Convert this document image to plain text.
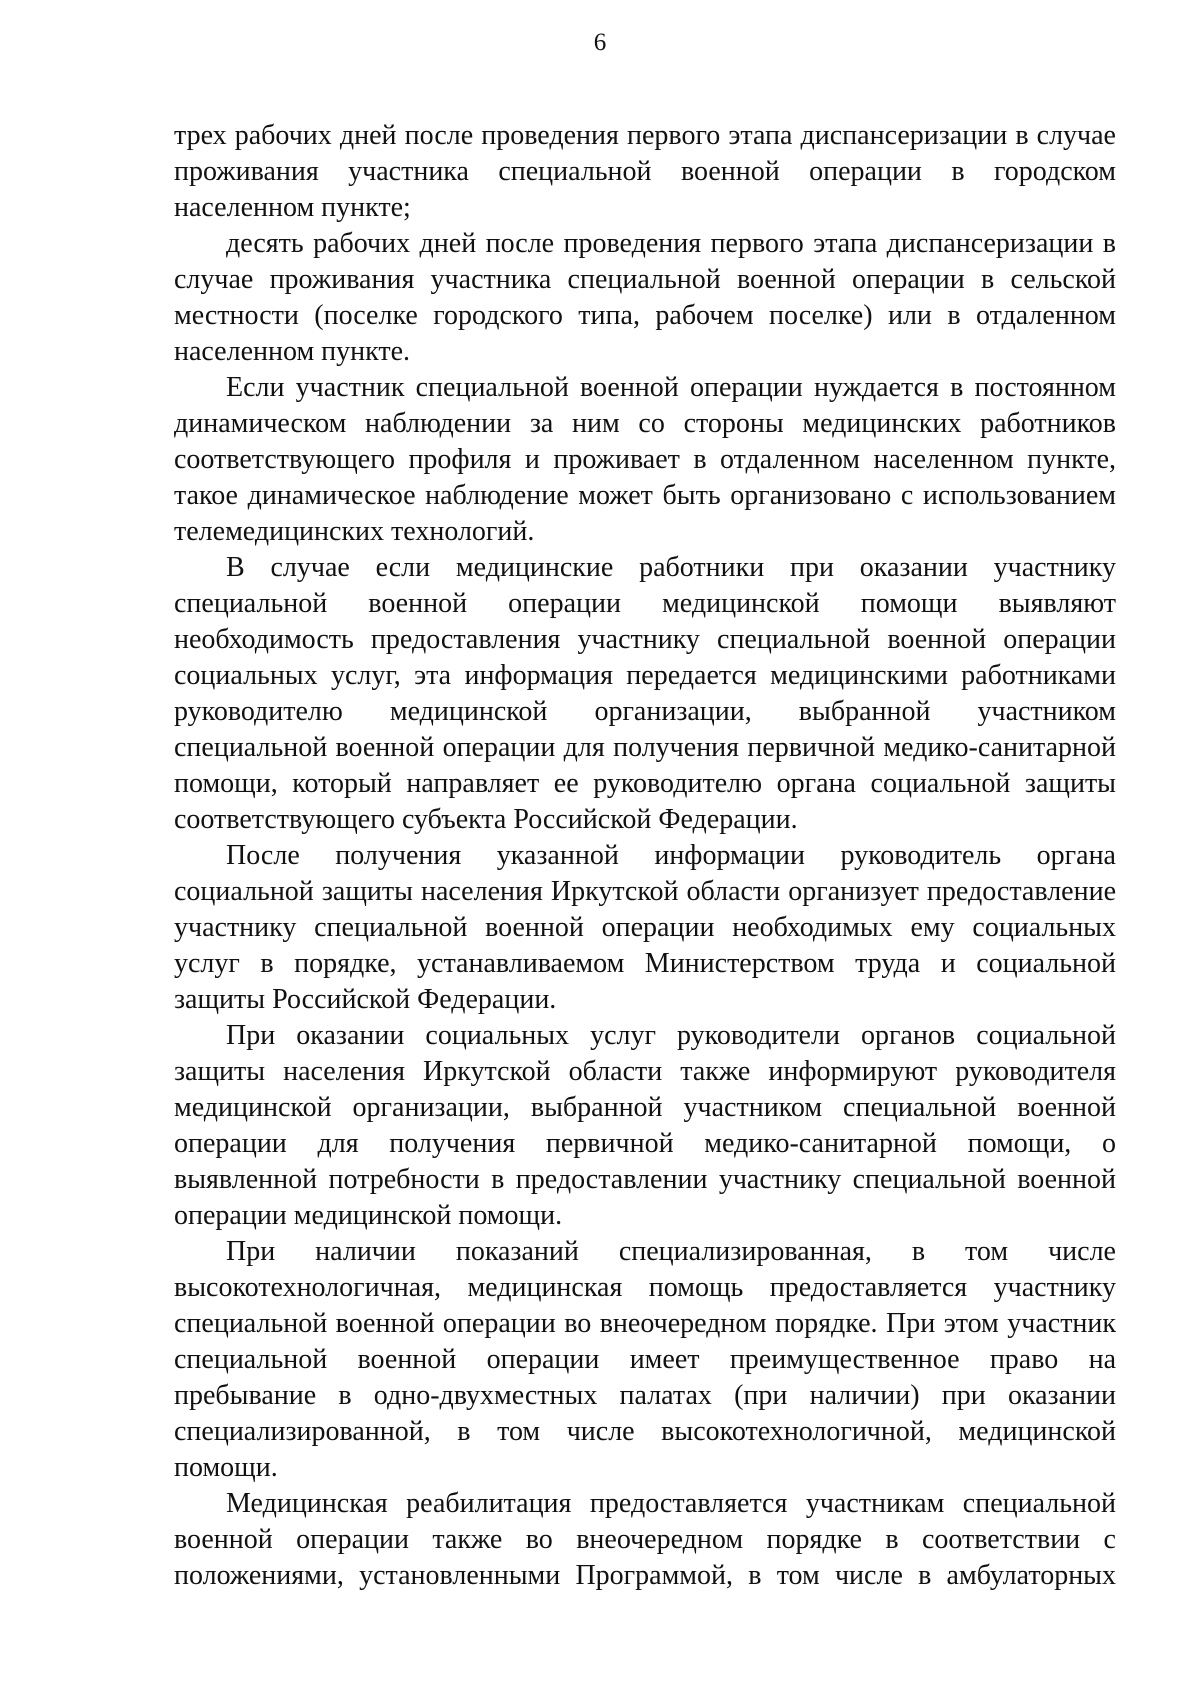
6

трех рабочих дней после проведения первого этапа диспансеризации в случае проживания участника специальной военной операции в городском населенном пункте;

десять рабочих дней после проведения первого этапа диспансеризации в случае проживания участника специальной военной операции в сельской местности (поселке городского типа, рабочем поселке) или в отдаленном населенном пункте.

Если участник специальной военной операции нуждается в постоянном динамическом наблюдении за ним со стороны медицинских работников соответствующего профиля и проживает в отдаленном населенном пункте, такое динамическое наблюдение может быть организовано с использованием телемедицинских технологий.

В случае если медицинские работники при оказании участнику специальной военной операции медицинской помощи выявляют необходимость предоставления участнику специальной военной операции социальных услуг, эта информация передается медицинскими работниками руководителю медицинской организации, выбранной участником специальной военной операции для получения первичной медико-санитарной помощи, который направляет ее руководителю органа социальной защиты соответствующего субъекта Российской Федерации.

После получения указанной информации руководитель органа социальной защиты населения Иркутской области организует предоставление участнику специальной военной операции необходимых ему социальных услуг в порядке, устанавливаемом Министерством труда и социальной защиты Российской Федерации.

При оказании социальных услуг руководители органов социальной защиты населения Иркутской области также информируют руководителя медицинской организации, выбранной участником специальной военной операции для получения первичной медико-санитарной помощи, о выявленной потребности в предоставлении участнику специальной военной операции медицинской помощи.

При наличии показаний специализированная, в том числе высокотехнологичная, медицинская помощь предоставляется участнику специальной военной операции во внеочередном порядке. При этом участник специальной военной операции имеет преимущественное право на пребывание в одно-двухместных палатах (при наличии) при оказании специализированной, в том числе высокотехнологичной, медицинской помощи.

Медицинская реабилитация предоставляется участникам специальной военной операции также во внеочередном порядке в соответствии с положениями, установленными Программой, в том числе в амбулаторных
